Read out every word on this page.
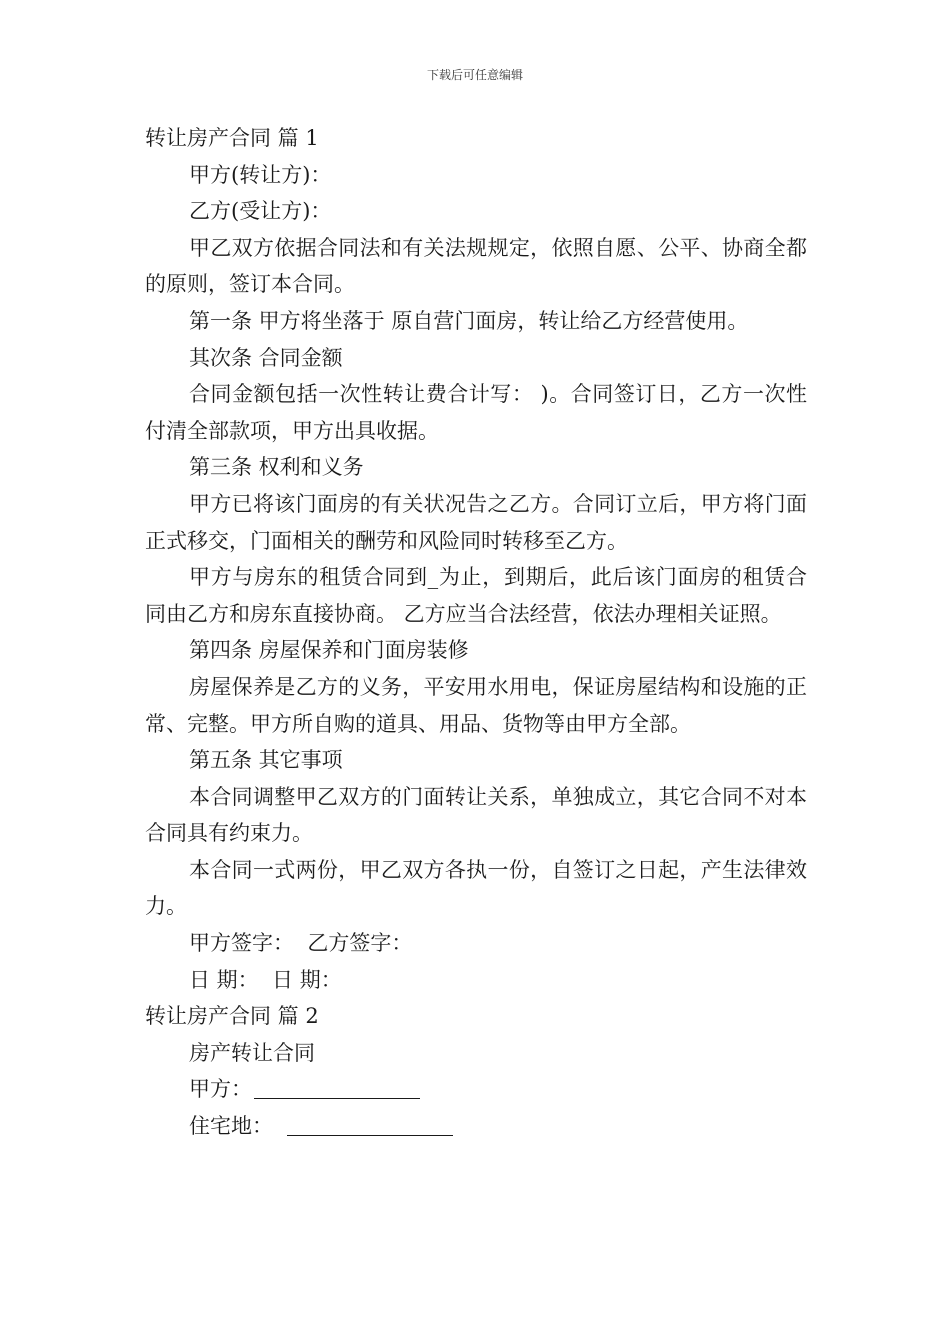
下载后可任意编辑

转让房产合同 篇 1

甲方(转让方)：

乙方(受让方)：

甲乙双方依据合同法和有关法规规定，依照自愿、公平、协商全都的原则，签订本合同。

第一条 甲方将坐落于 原自营门面房，转让给乙方经营使用。

其次条 合同金额

合同金额包括一次性转让费合计写： )。合同签订日，乙方一次性付清全部款项，甲方出具收据。

第三条 权利和义务

甲方已将该门面房的有关状况告之乙方。合同订立后，甲方将门面正式移交，门面相关的酬劳和风险同时转移至乙方。

甲方与房东的租赁合同到_为止，到期后，此后该门面房的租赁合同由乙方和房东直接协商。 乙方应当合法经营，依法办理相关证照。

第四条 房屋保养和门面房装修

房屋保养是乙方的义务，平安用水用电，保证房屋结构和设施的正常、完整。甲方所自购的道具、用品、货物等由甲方全部。

第五条 其它事项

本合同调整甲乙双方的门面转让关系，单独成立，其它合同不对本合同具有约束力。

本合同一式两份，甲乙双方各执一份，自签订之日起，产生法律效力。

甲方签字：  乙方签字：

日 期：  日 期：

转让房产合同 篇 2

房产转让合同

甲方：

住宅地：
